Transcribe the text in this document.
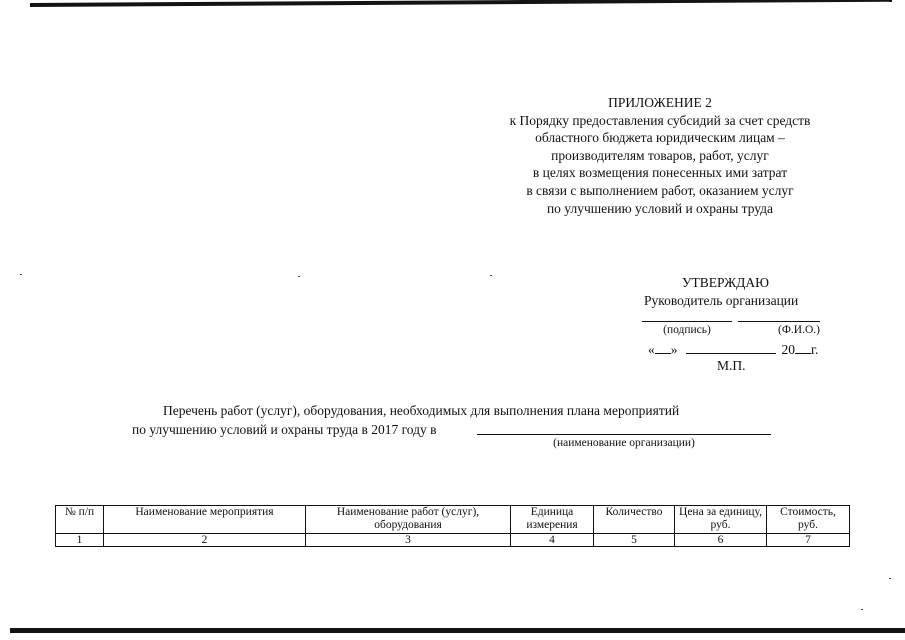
ПРИЛОЖЕНИЕ 2
к Порядку предоставления субсидий за счет средств
областного бюджета юридическим лицам –
производителям товаров, работ, услуг
в целях возмещения понесенных ими затрат
в связи с выполнением работ, оказанием услуг
по улучшению условий и охраны труда
УТВЕРЖДАЮ
Руководитель организации
(подпись)	(Ф.И.О.)
« »	20 г.
М.П.
Перечень работ (услуг), оборудования, необходимых для выполнения плана мероприятий
по улучшению условий и охраны труда в 2017 году в
(наименование организации)
№ п/п	Наименование мероприятия	Наименование работ (услуг), оборудования	Единица измерения	Количество	Цена за единицу, руб.	Стоимость, руб.
1	2	3	4	5	6	7
